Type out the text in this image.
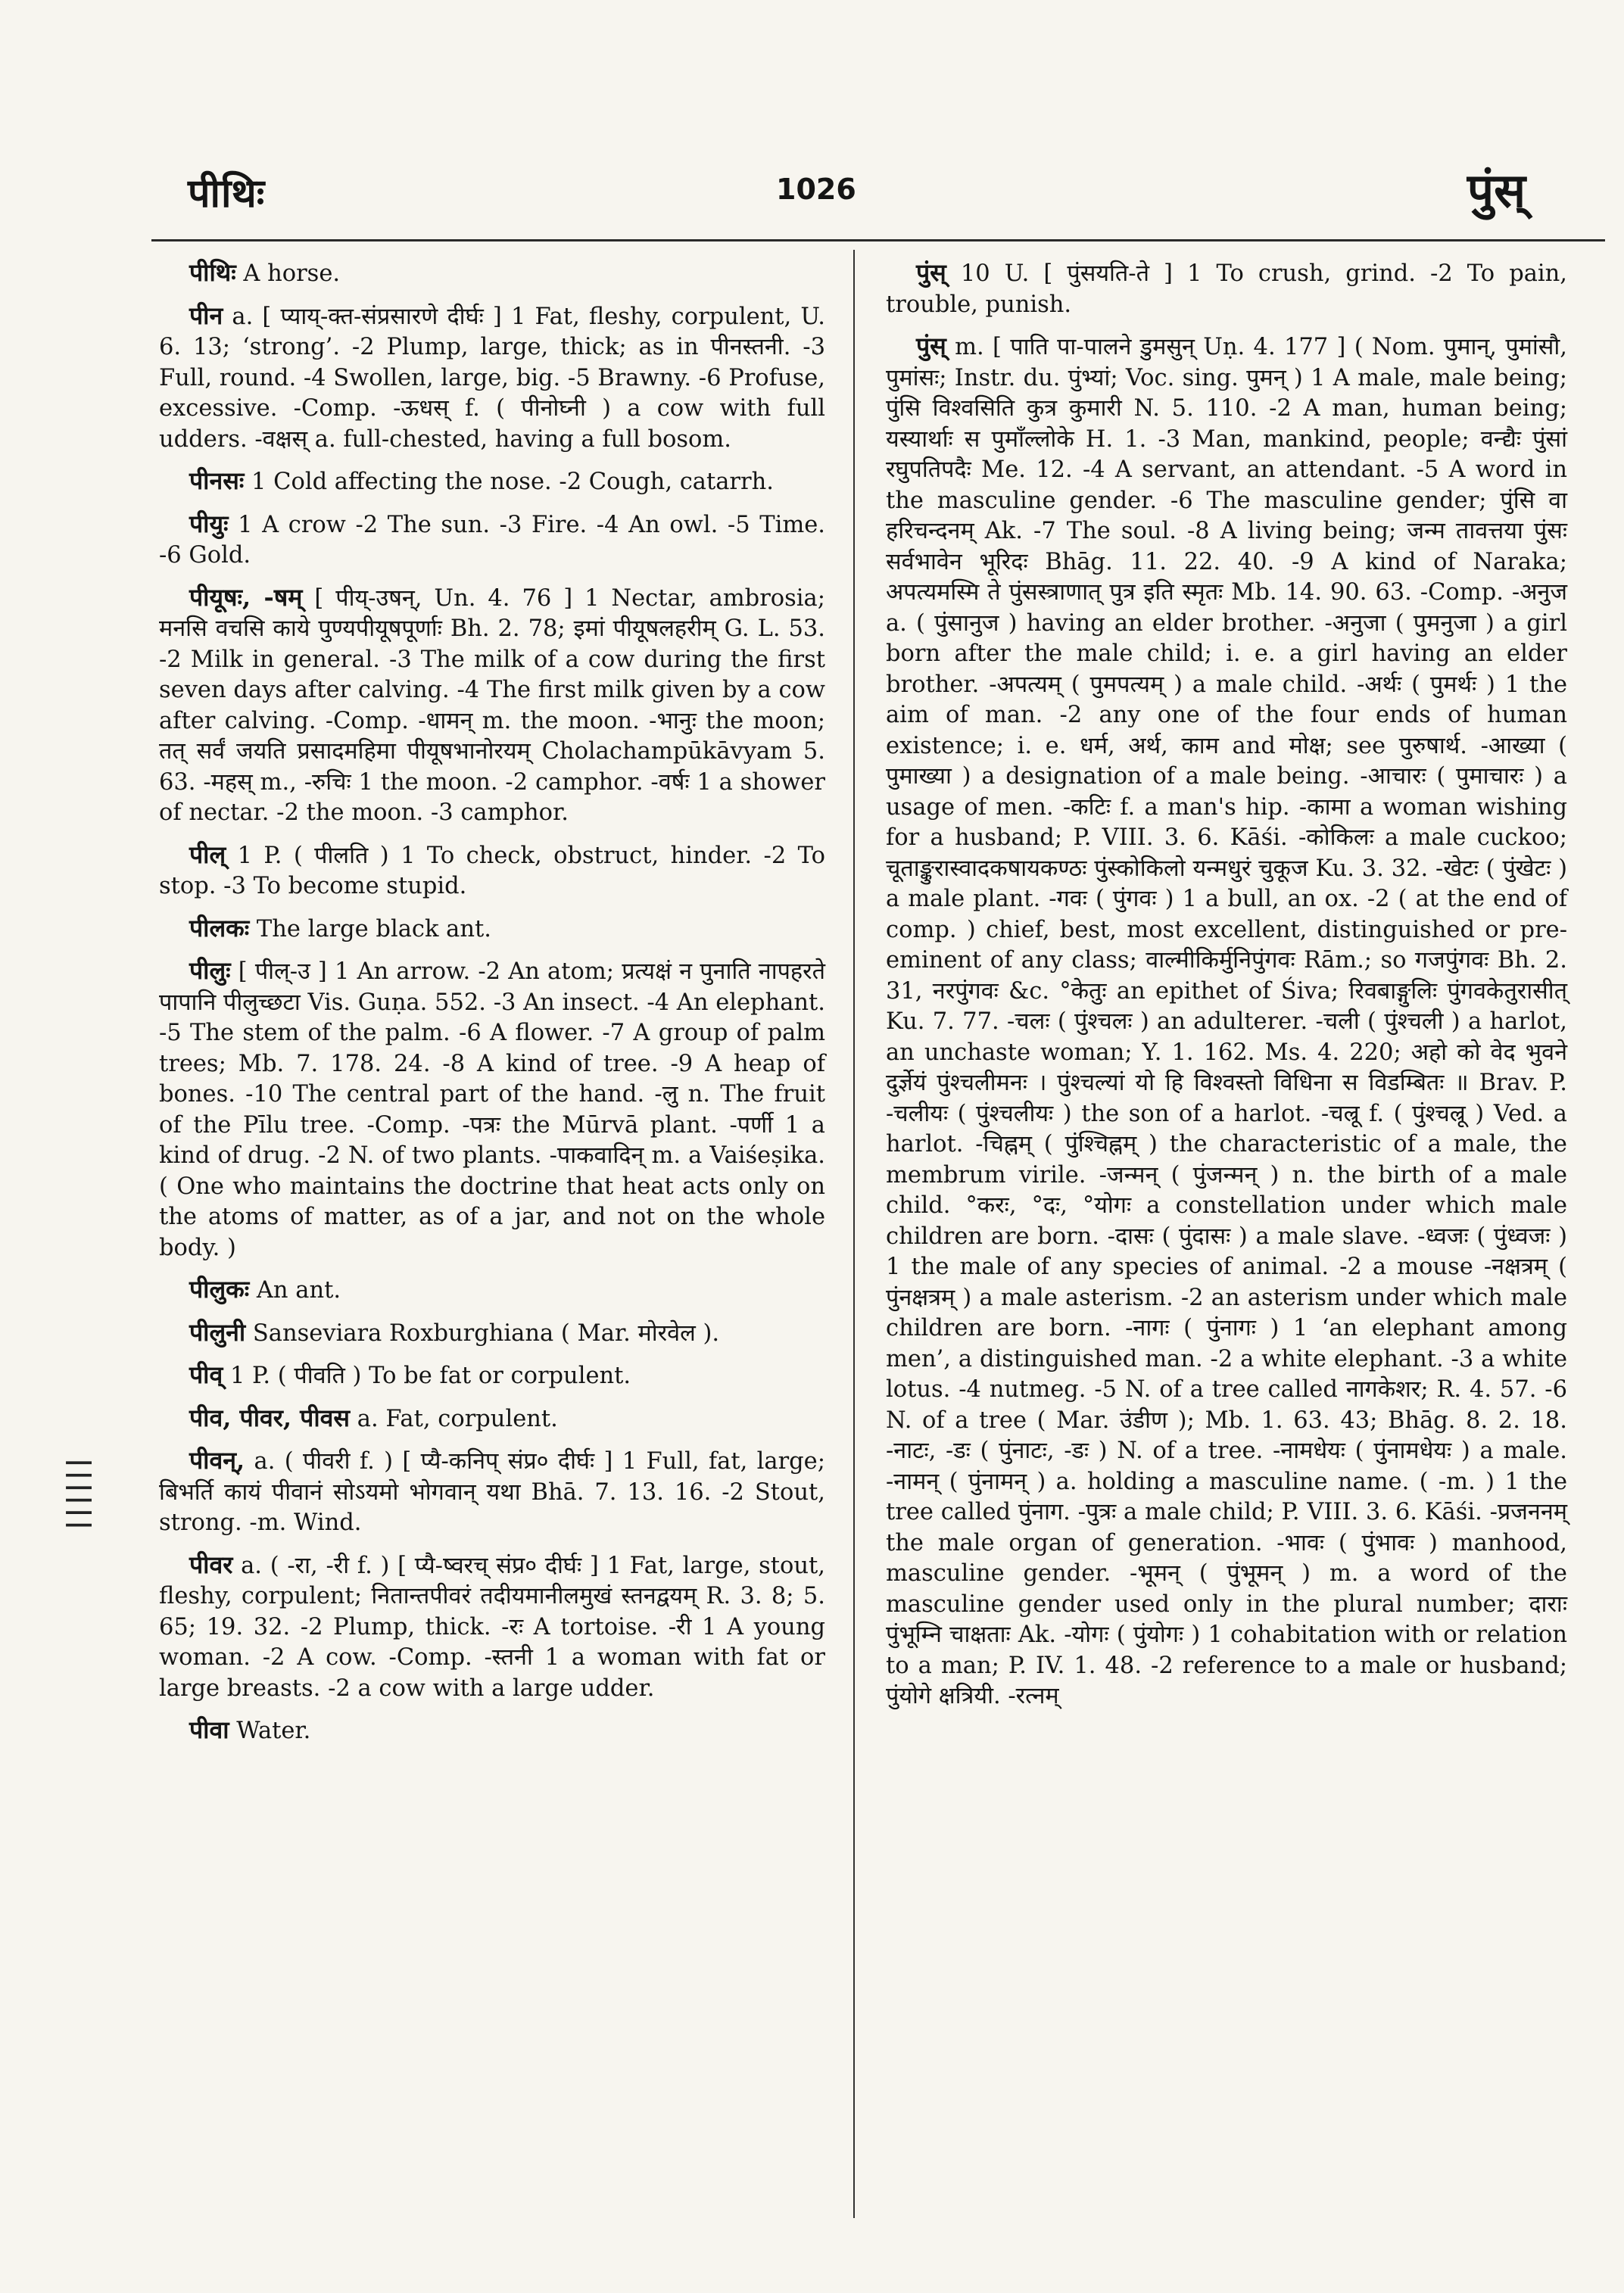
पीथिः	1026	पुंस्
||||||

पीथिः A horse.

पीन a. [ प्याय्-क्त-संप्रसारणे दीर्घः ] 1 Fat, fleshy, corpulent, U. 6. 13; ‘strong’. -2 Plump, large, thick; as in पीनस्तनी. -3 Full, round. -4 Swollen, large, big. -5 Brawny. -6 Profuse, excessive. -Comp. -ऊधस् f. ( पीनोघ्नी ) a cow with full udders. -वक्षस् a. full-chested, having a full bosom.

पीनसः 1 Cold affecting the nose. -2 Cough, catarrh.

पीयुः 1 A crow -2 The sun. -3 Fire. -4 An owl. -5 Time. -6 Gold.

पीयूषः, -षम् [ पीय्-उषन्, Un. 4. 76 ] 1 Nectar, ambrosia; मनसि वचसि काये पुण्यपीयूषपूर्णाः Bh. 2. 78; इमां पीयूषलहरीम् G. L. 53. -2 Milk in general. -3 The milk of a cow during the first seven days after calving. -4 The first milk given by a cow after calving. -Comp. -धामन् m. the moon. -भानुः the moon; तत् सर्वं जयति प्रसादमहिमा पीयूषभानोरयम् Cholachampūkāvyam 5. 63. -महस् m., -रुचिः 1 the moon. -2 camphor. -वर्षः 1 a shower of nectar. -2 the moon. -3 camphor.

पील् 1 P. ( पीलति ) 1 To check, obstruct, hinder. -2 To stop. -3 To become stupid.

पीलकः The large black ant.

पीलुः [ पील्-उ ] 1 An arrow. -2 An atom; प्रत्यक्षं न पुनाति नापहरते पापानि पीलुच्छटा Vis. Guṇa. 552. -3 An insect. -4 An elephant. -5 The stem of the palm. -6 A flower. -7 A group of palm trees; Mb. 7. 178. 24. -8 A kind of tree. -9 A heap of bones. -10 The central part of the hand. -लु n. The fruit of the Pīlu tree. -Comp. -पत्रः the Mūrvā plant. -पर्णी 1 a kind of drug. -2 N. of two plants. -पाकवादिन् m. a Vaiśeṣika. ( One who maintains the doctrine that heat acts only on the atoms of matter, as of a jar, and not on the whole body. )

पीलुकः An ant.

पीलुनी Sanseviara Roxburghiana ( Mar. मोरवेल ).

पीव् 1 P. ( पीवति ) To be fat or corpulent.

पीव, पीवर, पीवस a. Fat, corpulent.

पीवन्, a. ( पीवरी f. ) [ प्यै-कनिप् संप्र० दीर्घः ] 1 Full, fat, large; बिभर्ति कायं पीवानं सोऽयमो भोगवान् यथा Bhā. 7. 13. 16. -2 Stout, strong. -m. Wind.

पीवर a. ( -रा, -री f. ) [ प्यै-ष्वरच् संप्र० दीर्घः ] 1 Fat, large, stout, fleshy, corpulent; नितान्तपीवरं तदीयमानीलमुखं स्तनद्वयम् R. 3. 8; 5. 65; 19. 32. -2 Plump, thick. -रः A tortoise. -री 1 A young woman. -2 A cow. -Comp. -स्तनी 1 a woman with fat or large breasts. -2 a cow with a large udder.

पीवा Water.

पुंस् 10 U. [ पुंसयति-ते ] 1 To crush, grind. -2 To pain, trouble, punish.

पुंस् m. [ पाति पा-पालने डुमसुन् Uṇ. 4. 177 ] ( Nom. पुमान्, पुमांसौ, पुमांसः; Instr. du. पुंभ्यां; Voc. sing. पुमन् ) 1 A male, male being; पुंसि विश्वसिति कुत्र कुमारी N. 5. 110. -2 A man, human being; यस्यार्थाः स पुमाँल्लोके H. 1. -3 Man, mankind, people; वन्द्यैः पुंसां रघुपतिपदैः Me. 12. -4 A servant, an attendant. -5 A word in the masculine gender. -6 The masculine gender; पुंसि वा हरिचन्दनम् Ak. -7 The soul. -8 A living being; जन्म तावत्तया पुंसः सर्वभावेन भूरिदः Bhāg. 11. 22. 40. -9 A kind of Naraka; अपत्यमस्मि ते पुंसस्त्राणात् पुत्र इति स्मृतः Mb. 14. 90. 63. -Comp. -अनुज a. ( पुंसानुज ) having an elder brother. -अनुजा ( पुमनुजा ) a girl born after the male child; i. e. a girl having an elder brother. -अपत्यम् ( पुमपत्यम् ) a male child. -अर्थः ( पुमर्थः ) 1 the aim of man. -2 any one of the four ends of human existence; i. e. धर्म, अर्थ, काम and मोक्ष; see पुरुषार्थ. -आख्या ( पुमाख्या ) a designation of a male being. -आचारः ( पुमाचारः ) a usage of men. -कटिः f. a man's hip. -कामा a woman wishing for a husband; P. VIII. 3. 6. Kāśi. -कोकिलः a male cuckoo; चूताङ्कुरास्वादकषायकण्ठः पुंस्कोकिलो यन्मधुरं चुकूज Ku. 3. 32. -खेटः ( पुंखेटः ) a male plant. -गवः ( पुंगवः ) 1 a bull, an ox. -2 ( at the end of comp. ) chief, best, most excellent, distinguished or pre-eminent of any class; वाल्मीकिर्मुनिपुंगवः Rām.; so गजपुंगवः Bh. 2. 31, नरपुंगवः &c. °केतुः an epithet of Śiva; रिवबाङ्गुलिः पुंगवकेतुरासीत् Ku. 7. 77. -चलः ( पुंश्चलः ) an adulterer. -चली ( पुंश्चली ) a harlot, an unchaste woman; Y. 1. 162. Ms. 4. 220; अहो को वेद भुवने दुर्ज्ञेयं पुंश्चलीमनः । पुंश्चल्यां यो हि विश्वस्तो विधिना स विडम्बितः ॥ Brav. P. -चलीयः ( पुंश्चलीयः ) the son of a harlot. -चल्रू f. ( पुंश्चल्रू ) Ved. a harlot. -चिह्नम् ( पुंश्चिह्नम् ) the characteristic of a male, the membrum virile. -जन्मन् ( पुंजन्मन् ) n. the birth of a male child. °करः, °दः, °योगः a constellation under which male children are born. -दासः ( पुंदासः ) a male slave. -ध्वजः ( पुंध्वजः ) 1 the male of any species of animal. -2 a mouse -नक्षत्रम् ( पुंनक्षत्रम् ) a male asterism. -2 an asterism under which male children are born. -नागः ( पुंनागः ) 1 ‘an elephant among men’, a distinguished man. -2 a white elephant. -3 a white lotus. -4 nutmeg. -5 N. of a tree called नागकेशर; R. 4. 57. -6 N. of a tree ( Mar. उंडीण ); Mb. 1. 63. 43; Bhāg. 8. 2. 18. -नाटः, -डः ( पुंनाटः, -डः ) N. of a tree. -नामधेयः ( पुंनामधेयः ) a male. -नामन् ( पुंनामन् ) a. holding a masculine name. ( -m. ) 1 the tree called पुंनाग. -पुत्रः a male child; P. VIII. 3. 6. Kāśi. -प्रजननम् the male organ of generation. -भावः ( पुंभावः ) manhood, masculine gender. -भूमन् ( पुंभूमन् ) m. a word of the masculine gender used only in the plural number; दाराः पुंभूम्नि चाक्षताः Ak. -योगः ( पुंयोगः ) 1 cohabitation with or relation to a man; P. IV. 1. 48. -2 reference to a male or husband; पुंयोगे क्षत्रियी. -रत्नम्
